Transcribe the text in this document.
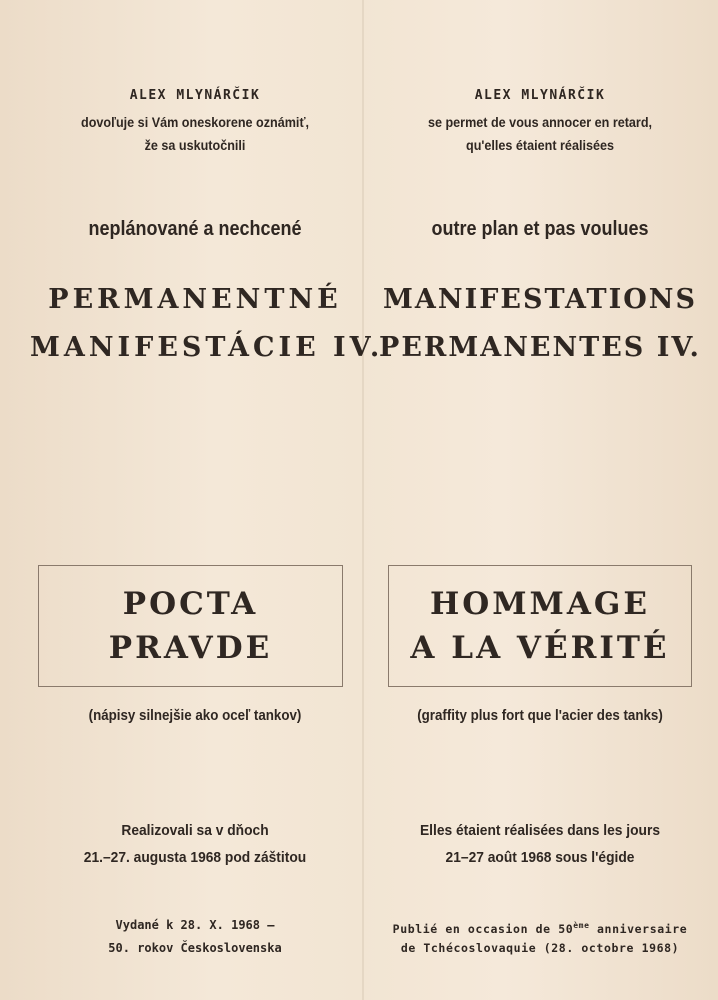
ALEX MLYNÁRČIK
dovoľuje si Vám oneskorene oznámiť,
že sa uskutočnili
neplánované a nechcené
PERMANENTNÉ
MANIFESTÁCIE IV.
POCTA
PRAVDE
(nápisy silnejšie ako oceľ tankov)
Realizovali sa v dňoch
21.–27. augusta 1968 pod záštitou
Vydané k 28. X. 1968 —
50. rokov Československa
ALEX MLYNÁRČIK
se permet de vous annocer en retard,
qu'elles étaient réalisées
outre plan et pas voulues
MANIFESTATIONS
PERMANENTES IV.
HOMMAGE
A LA VÉRITÉ
(graffity plus fort que l'acier des tanks)
Elles étaient réalisées dans les jours
21–27 août 1968 sous l'égide
Publié en occasion de 50ème anniversaire
de Tchécoslovaquie (28. octobre 1968)
